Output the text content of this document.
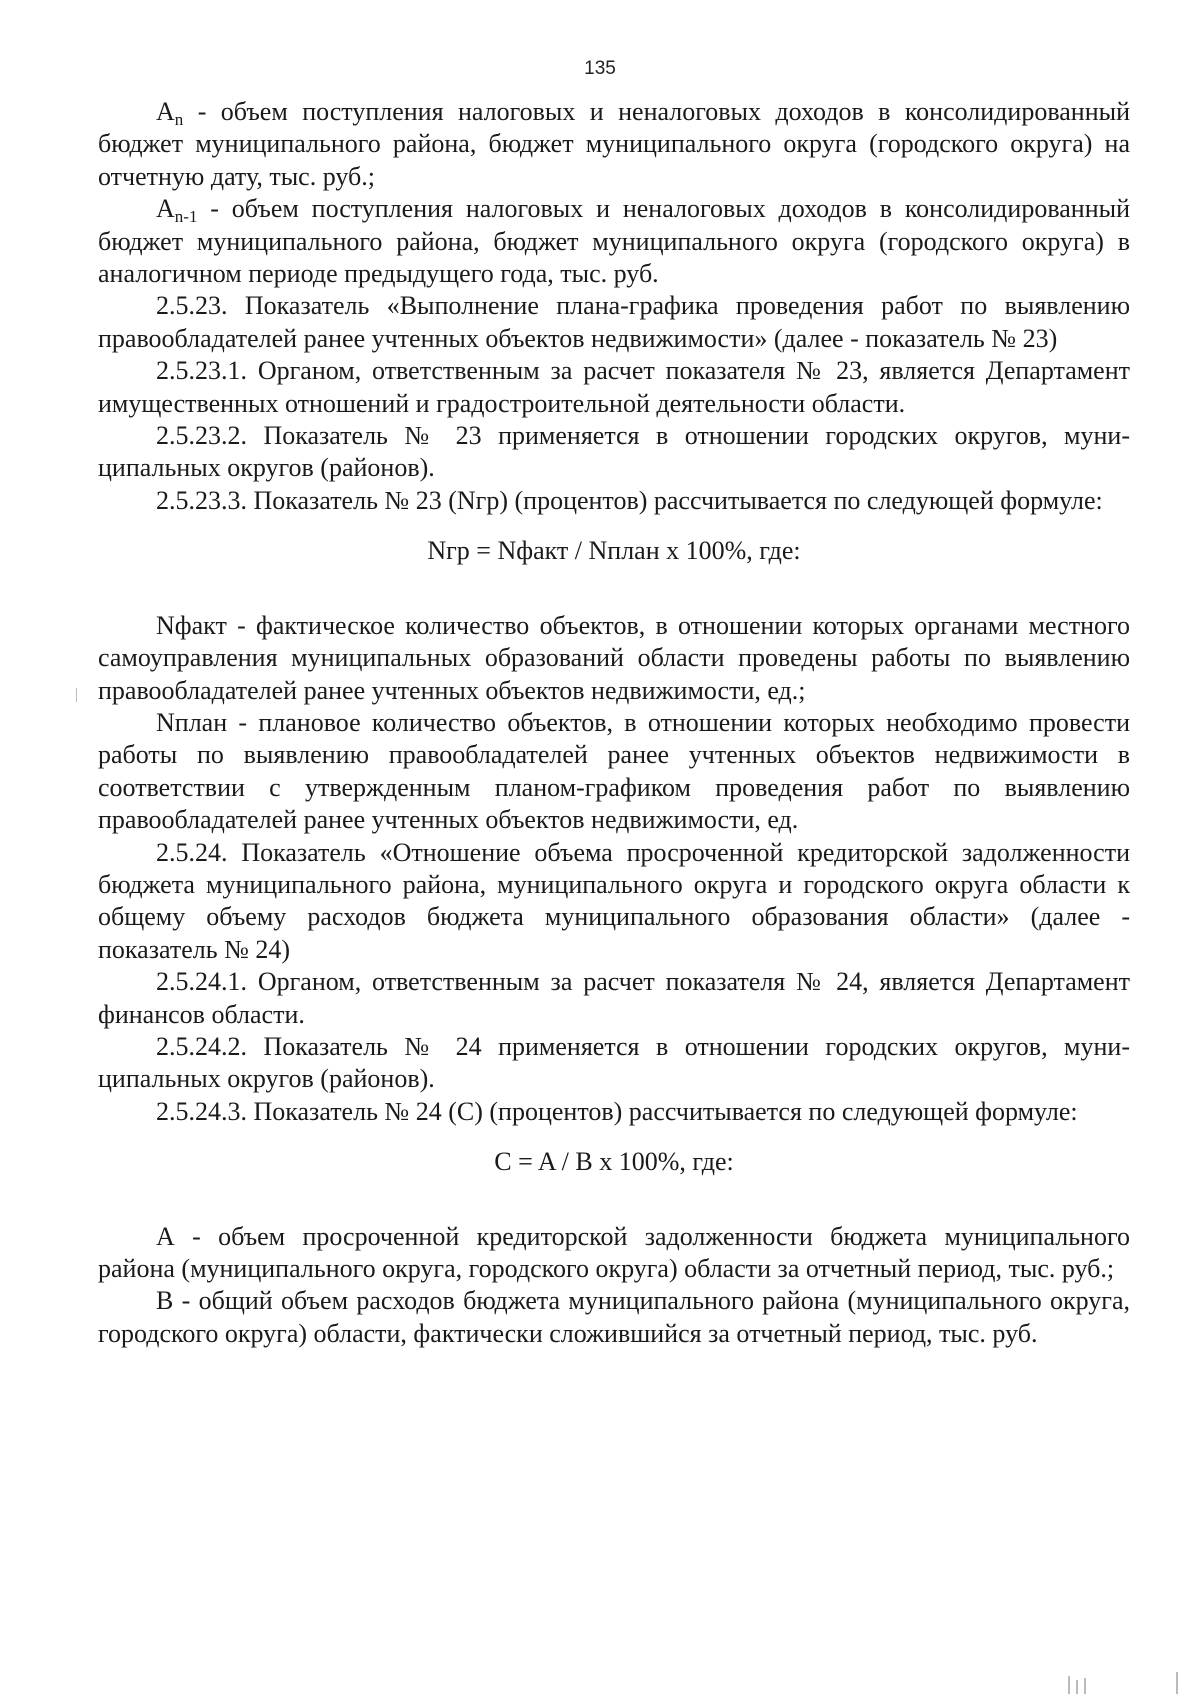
135

$A_n$ - объем поступления налоговых и неналоговых доходов в консолидированный бюджет муниципального района, бюджет муниципального округа (городского округа) на отчетную дату, тыс. руб.;

$A_{n-1}$ - объем поступления налоговых и неналоговых доходов в консолидированный бюджет муниципального района, бюджет муниципального округа (городского округа) в аналогичном периоде предыдущего года, тыс. руб.

2.5.23. Показатель «Выполнение плана-графика проведения работ по выявлению правообладателей ранее учтенных объектов недвижимости» (далее - показатель № 23)

2.5.23.1. Органом, ответственным за расчет показателя № 23, является Департамент имущественных отношений и градостроительной деятельности области.

2.5.23.2. Показатель № 23 применяется в отношении городских округов, муниципальных округов (районов).

2.5.23.3. Показатель № 23 (Nгр) (процентов) рассчитывается по следующей формуле:

Nгр = Nфакт / Nплан х 100%, где:

Nфакт - фактическое количество объектов, в отношении которых органами местного самоуправления муниципальных образований области проведены работы по выявлению правообладателей ранее учтенных объектов недвижимости, ед.;

Nплан - плановое количество объектов, в отношении которых необходимо провести работы по выявлению правообладателей ранее учтенных объектов недвижимости в соответствии с утвержденным планом-графиком проведения работ по выявлению правообладателей ранее учтенных объектов недвижимости, ед.

2.5.24. Показатель «Отношение объема просроченной кредиторской задолженности бюджета муниципального района, муниципального округа и городского округа области к общему объему расходов бюджета муниципального образования области» (далее - показатель № 24)

2.5.24.1. Органом, ответственным за расчет показателя № 24, является Департамент финансов области.

2.5.24.2. Показатель № 24 применяется в отношении городских округов, муниципальных округов (районов).

2.5.24.3. Показатель № 24 (С) (процентов) рассчитывается по следующей формуле:

C = A / B х 100%, где:

А - объем просроченной кредиторской задолженности бюджета муниципального района (муниципального округа, городского округа) области за отчетный период, тыс. руб.;

В - общий объем расходов бюджета муниципального района (муниципального округа, городского округа) области, фактически сложившийся за отчетный период, тыс. руб.
